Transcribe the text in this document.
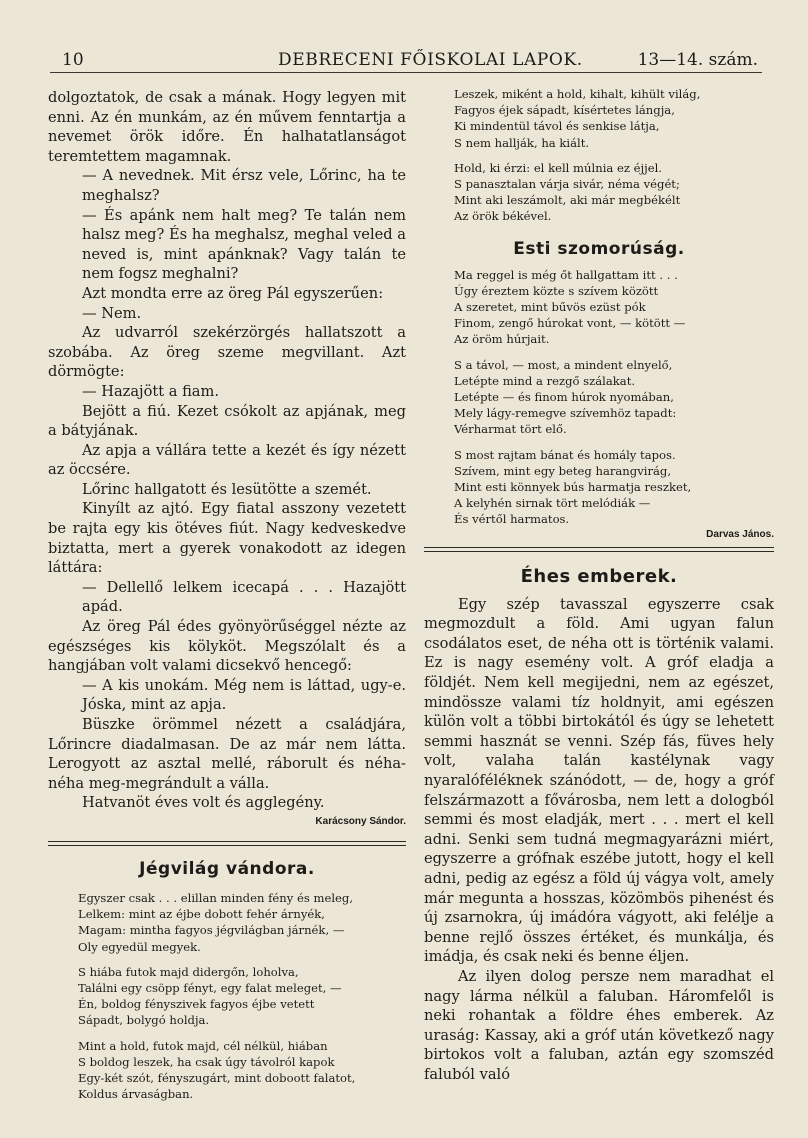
10	DEBRECENI FŐISKOLAI LAPOK.	13—14. szám.

dolgoztatok, de csak a mának. Hogy legyen mit enni. Az én munkám, az én művem fenntartja a nevemet örök időre. Én halhatatlanságot teremtettem magamnak.

— A nevednek. Mit érsz vele, Lőrinc, ha te meghalsz?

— És apánk nem halt meg? Te talán nem halsz meg? És ha meghalsz, meghal veled a neved is, mint apánknak? Vagy talán te nem fogsz meghalni?

Azt mondta erre az öreg Pál egyszerűen:

— Nem.

Az udvarról szekérzörgés hallatszott a szobába. Az öreg szeme megvillant. Azt dörmögte:

— Hazajött a fiam.

Bejött a fiú. Kezet csókolt az apjának, meg a bátyjának.

Az apja a vállára tette a kezét és így nézett az öccsére.

Lőrinc hallgatott és lesütötte a szemét.

Kinyílt az ajtó. Egy fiatal asszony vezetett be rajta egy kis ötéves fiút. Nagy kedveskedve biztatta, mert a gyerek vonakodott az idegen láttára:

— Dellellő lelkem icecapá . . . Hazajött apád.

Az öreg Pál édes gyönyörűséggel nézte az egészséges kis kölyköt. Megszólalt és a hangjában volt valami dicsekvő hencegő:

— A kis unokám. Még nem is láttad, ugy-e. Jóska, mint az apja.

Büszke örömmel nézett a családjára, Lőrincre diadalmasan. De az már nem látta. Lerogyott az asztal mellé, ráborult és néha-néha meg-megrándult a válla.

Hatvanöt éves volt és agglegény.

Karácsony Sándor.

Jégvilág vándora.
Egyszer csak . . . elillan minden fény és meleg,
Lelkem: mint az éjbe dobott fehér árnyék,
Magam: mintha fagyos jégvilágban járnék, —
Oly egyedül megyek.
S hiába futok majd didergőn, loholva,
Találni egy csöpp fényt, egy falat meleget, —
Én, boldog fényszivek fagyos éjbe vetett
Sápadt, bolygó holdja.
Mint a hold, futok majd, cél nélkül, hiában
S boldog leszek, ha csak úgy távolról kapok
Egy-két szót, fényszugárt, mint doboott falatot,
Koldus árvaságban.
Leszek, miként a hold, kihalt, kihült világ,
Fagyos éjek sápadt, kísértetes lángja,
Ki mindentül távol és senkise látja,
S nem hallják, ha kiált.
Hold, ki érzi: el kell múlnia ez éjjel.
S panasztalan várja sivár, néma végét;
Mint aki leszámolt, aki már megbékélt
Az örök békével.
Esti szomorúság.
Ma reggel is még őt hallgattam itt . . .
Úgy éreztem közte s szívem között
A szeretet, mint bűvös ezüst pók
Finom, zengő húrokat vont, — kötött —
Az öröm húrjait.
S a távol, — most, a mindent elnyelő,
Letépte mind a rezgő szálakat.
Letépte — és finom húrok nyomában,
Mely lágy-remegve szívemhöz tapadt:
Vérharmat tört elő.
S most rajtam bánat és homály tapos.
Szívem, mint egy beteg harangvirág,
Mint esti könnyek bús harmatja reszket,
A kelyhén sirnak tört melódiák —
És vértől harmatos.

Darvas János.

Éhes emberek.

Egy szép tavasszal egyszerre csak megmozdult a föld. Ami ugyan falun csodálatos eset, de néha ott is történik valami. Ez is nagy esemény volt. A gróf eladja a földjét. Nem kell megijedni, nem az egészet, mindössze valami tíz holdnyit, ami egészen külön volt a többi birtokától és úgy se lehetett semmi hasznát se venni. Szép fás, füves hely volt, valaha talán kastélynak vagy nyaralóféléknek szánódott, — de, hogy a gróf felszármazott a fővárosba, nem lett a dologból semmi és most eladják, mert . . . mert el kell adni. Senki sem tudná megmagyarázni miért, egyszerre a grófnak eszébe jutott, hogy el kell adni, pedig az egész a föld új vágya volt, amely már megunta a hosszas, közömbös pihenést és új zsarnokra, új imádóra vágyott, aki felélje a benne rejlő összes értéket, és munkálja, és imádja, és csak neki és benne éljen.

Az ilyen dolog persze nem maradhat el nagy lárma nélkül a faluban. Háromfelől is neki rohantak a földre éhes emberek. Az uraság: Kassay, aki a gróf után következő nagy birtokos volt a faluban, aztán egy szomszéd faluból való
